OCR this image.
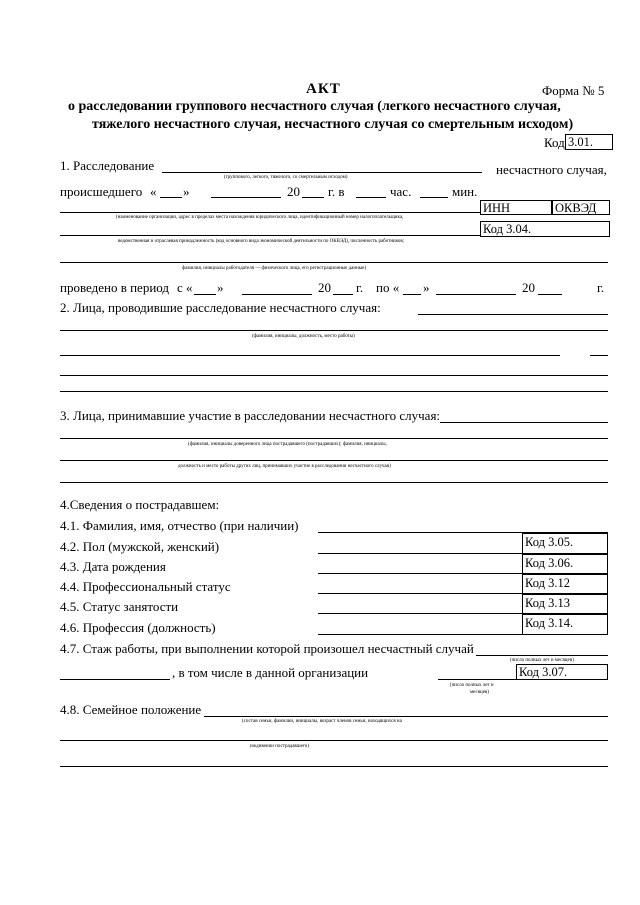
Форма № 5
АКТ
о расследовании группового несчастного случая (легкого несчастного случая,
тяжелого несчастного случая, несчастного случая со смертельным исходом)
Код 3.01.
1. Расследование	несчастного случая,
(группового, легкого, тяжелого, со смертельным исходом)
происшедшего « »	20 г. в	час.	мин.
ИНН	ОКВЭД
(наименование организации, адрес в пределах места нахождения юридического лица, идентификационный номер налогоплательщика,
Код 3.04.
ведомственная и отраслевая принадлежность (код основного вида экономической деятельности по ОКВЭД), численность работников;
фамилия, инициалы работодателя — физического лица, его регистрационные данные)
проведено в период с « »	20 г. по « »	20	г.
2. Лица, проводившие расследование несчастного случая:
(фамилия, инициалы, должность, место работы)
3. Лица, принимавшие участие в расследовании несчастного случая:
(фамилия, инициалы доверенного лица пострадавшего (пострадавших); фамилия, инициалы,
должность и место работы других лиц, принимавших участие в расследовании несчастного случая)
4.Сведения о пострадавшем:
4.1. Фамилия, имя, отчество (при наличии)
4.2. Пол (мужской, женский)	Код 3.05.
4.3. Дата рождения	Код 3.06.
4.4. Профессиональный статус	Код 3.12
4.5. Статус занятости	Код 3.13
4.6. Профессия (должность)	Код 3.14.
4.7. Стаж работы, при выполнении которой произошел несчастный случай
(число полных лет и месяцев)
, в том числе в данной организации	Код 3.07.
(число полных лет и
месяцев)
4.8. Семейное положение
(состав семьи, фамилии, инициалы, возраст членов семьи, находящихся на
иждивении пострадавшего)
